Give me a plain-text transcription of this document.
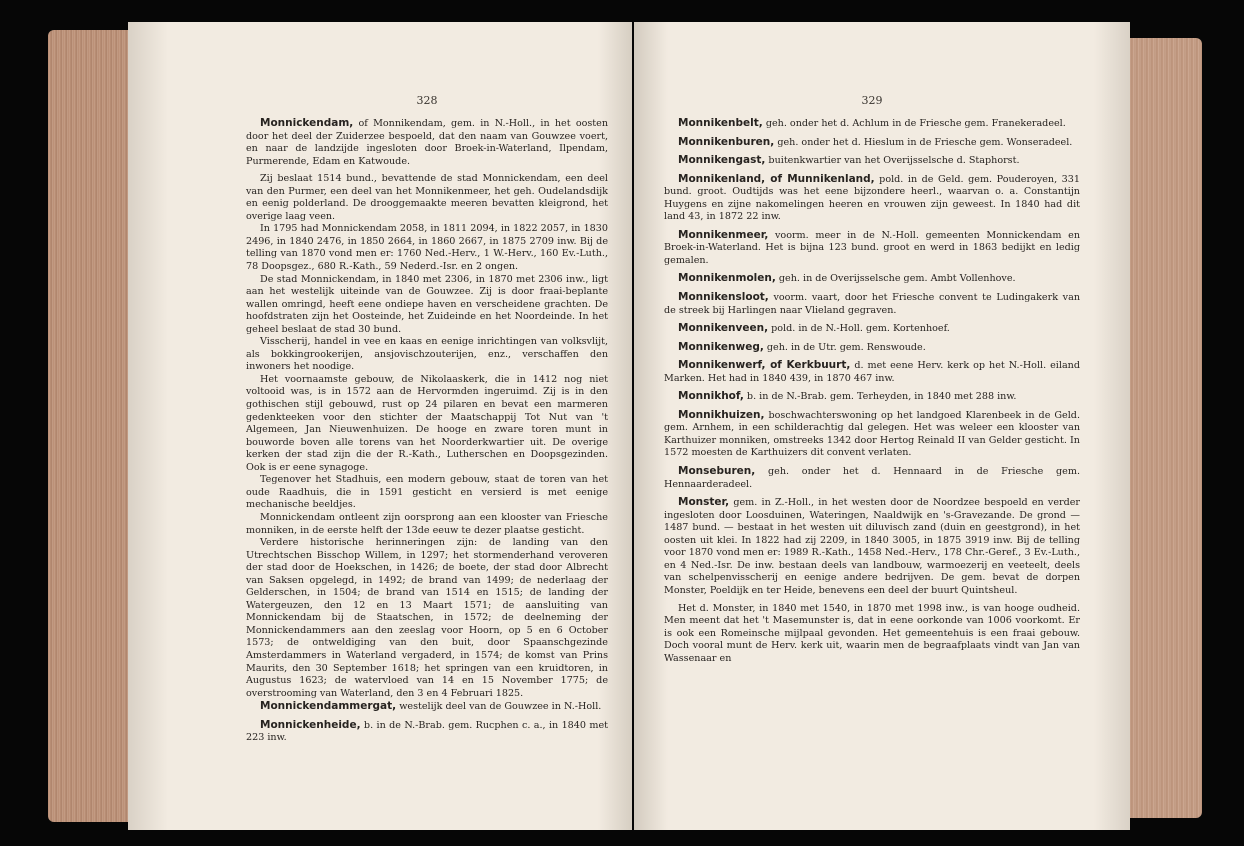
328

Monnickendam, of Monnikendam, gem. in N.-Holl., in het oosten door het deel der Zuiderzee bespoeld, dat den naam van Gouwzee voert, en naar de landzijde ingesloten door Broek-in-Waterland, Ilpendam, Purmerende, Edam en Katwoude.

Zij beslaat 1514 bund., bevattende de stad Monnickendam, een deel van den Purmer, een deel van het Monnikenmeer, het geh. Oudelandsdijk en eenig polderland. De drooggemaakte meeren bevatten kleigrond, het overige laag veen.

In 1795 had Monnickendam 2058, in 1811 2094, in 1822 2057, in 1830 2496, in 1840 2476, in 1850 2664, in 1860 2667, in 1875 2709 inw. Bij de telling van 1870 vond men er: 1760 Ned.-Herv., 1 W.-Herv., 160 Ev.-Luth., 78 Doopsgez., 680 R.-Kath., 59 Nederd.-Isr. en 2 ongen.

De stad Monnickendam, in 1840 met 2306, in 1870 met 2306 inw., ligt aan het westelijk uiteinde van de Gouwzee. Zij is door fraai-beplante wallen omringd, heeft eene ondiepe haven en verscheidene grachten. De hoofdstraten zijn het Oosteinde, het Zuideinde en het Noordeinde. In het geheel beslaat de stad 30 bund.

Visscherij, handel in vee en kaas en eenige inrichtingen van volksvlijt, als bokkingrookerijen, ansjovischzouterijen, enz., verschaffen den inwoners het noodige.

Het voornaamste gebouw, de Nikolaaskerk, die in 1412 nog niet voltooid was, is in 1572 aan de Hervormden ingeruimd. Zij is in den gothischen stijl gebouwd, rust op 24 pilaren en bevat een marmeren gedenkteeken voor den stichter der Maatschappij Tot Nut van 't Algemeen, Jan Nieuwenhuizen. De hooge en zware toren munt in bouworde boven alle torens van het Noorderkwartier uit. De overige kerken der stad zijn die der R.-Kath., Lutherschen en Doopsgezinden. Ook is er eene synagoge.

Tegenover het Stadhuis, een modern gebouw, staat de toren van het oude Raadhuis, die in 1591 gesticht en versierd is met eenige mechanische beeldjes.

Monnickendam ontleent zijn oorsprong aan een klooster van Friesche monniken, in de eerste helft der 13de eeuw te dezer plaatse gesticht.

Verdere historische herinneringen zijn: de landing van den Utrechtschen Bisschop Willem, in 1297; het stormenderhand veroveren der stad door de Hoekschen, in 1426; de boete, der stad door Albrecht van Saksen opgelegd, in 1492; de brand van 1499; de nederlaag der Gelderschen, in 1504; de brand van 1514 en 1515; de landing der Watergeuzen, den 12 en 13 Maart 1571; de aansluiting van Monnickendam bij de Staatschen, in 1572; de deelneming der Monnickendammers aan den zeeslag voor Hoorn, op 5 en 6 October 1573; de ontweldiging van den buit, door Spaanschgezinde Amsterdammers in Waterland vergaderd, in 1574; de komst van Prins Maurits, den 30 September 1618; het springen van een kruidtoren, in Augustus 1623; de watervloed van 14 en 15 November 1775; de overstrooming van Waterland, den 3 en 4 Februari 1825.

Monnickendammergat, westelijk deel van de Gouwzee in N.-Holl.

Monnickenheide, b. in de N.-Brab. gem. Rucphen c. a., in 1840 met 223 inw.

329

Monnikenbelt, geh. onder het d. Achlum in de Friesche gem. Franekeradeel.

Monnikenburen, geh. onder het d. Hieslum in de Friesche gem. Wonseradeel.

Monnikengast, buitenkwartier van het Overijsselsche d. Staphorst.

Monnikenland, of Munnikenland, pold. in de Geld. gem. Pouderoyen, 331 bund. groot. Oudtijds was het eene bijzondere heerl., waarvan o. a. Constantijn Huygens en zijne nakomelingen heeren en vrouwen zijn geweest. In 1840 had dit land 43, in 1872 22 inw.

Monnikenmeer, voorm. meer in de N.-Holl. gemeenten Monnickendam en Broek-in-Waterland. Het is bijna 123 bund. groot en werd in 1863 bedijkt en ledig gemalen.

Monnikenmolen, geh. in de Overijsselsche gem. Ambt Vollenhove.

Monnikensloot, voorm. vaart, door het Friesche convent te Ludingakerk van de streek bij Harlingen naar Vlieland gegraven.

Monnikenveen, pold. in de N.-Holl. gem. Kortenhoef.

Monnikenweg, geh. in de Utr. gem. Renswoude.

Monnikenwerf, of Kerkbuurt, d. met eene Herv. kerk op het N.-Holl. eiland Marken. Het had in 1840 439, in 1870 467 inw.

Monnikhof, b. in de N.-Brab. gem. Terheyden, in 1840 met 288 inw.

Monnikhuizen, boschwachterswoning op het landgoed Klarenbeek in de Geld. gem. Arnhem, in een schilderachtig dal gelegen. Het was weleer een klooster van Karthuizer monniken, omstreeks 1342 door Hertog Reinald II van Gelder gesticht. In 1572 moesten de Karthuizers dit convent verlaten.

Monseburen, geh. onder het d. Hennaard in de Friesche gem. Hennaarderadeel.

Monster, gem. in Z.-Holl., in het westen door de Noordzee bespoeld en verder ingesloten door Loosduinen, Wateringen, Naaldwijk en 's-Gravezande. De grond — 1487 bund. — bestaat in het westen uit diluvisch zand (duin en geestgrond), in het oosten uit klei. In 1822 had zij 2209, in 1840 3005, in 1875 3919 inw. Bij de telling voor 1870 vond men er: 1989 R.-Kath., 1458 Ned.-Herv., 178 Chr.-Geref., 3 Ev.-Luth., en 4 Ned.-Isr. De inw. bestaan deels van landbouw, warmoezerij en veeteelt, deels van schelpenvisscherij en eenige andere bedrijven. De gem. bevat de dorpen Monster, Poeldijk en ter Heide, benevens een deel der buurt Quintsheul.

Het d. Monster, in 1840 met 1540, in 1870 met 1998 inw., is van hooge oudheid. Men meent dat het 't Masemunster is, dat in eene oorkonde van 1006 voorkomt. Er is ook een Romeinsche mijlpaal gevonden. Het gemeentehuis is een fraai gebouw. Doch vooral munt de Herv. kerk uit, waarin men de begraafplaats vindt van Jan van Wassenaar en
